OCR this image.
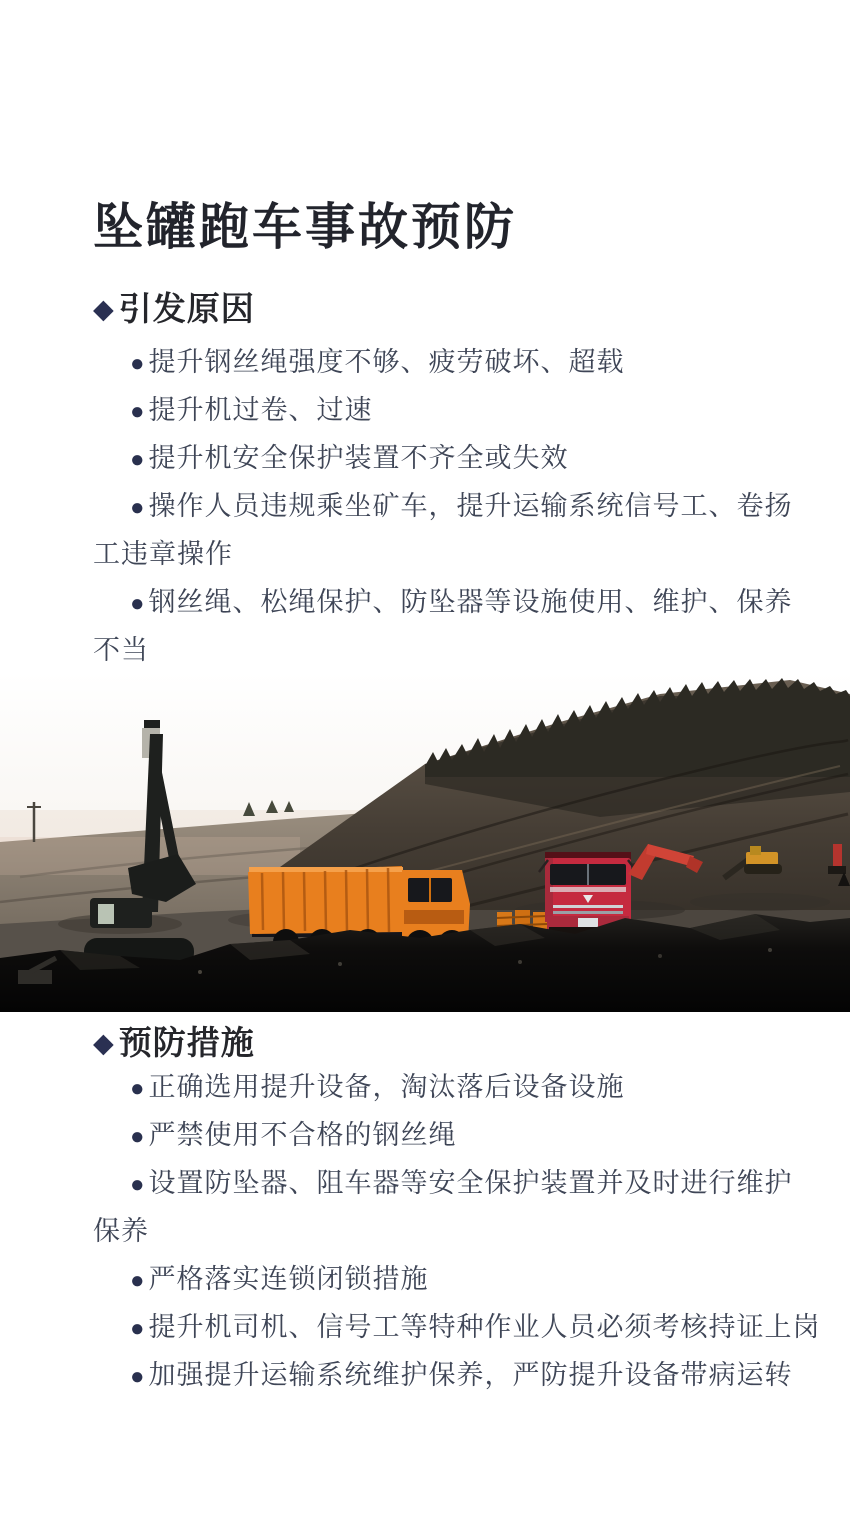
坠罐跑车事故预防
◆ 引发原因
● 提升钢丝绳强度不够、疲劳破坏、超载
● 提升机过卷、过速
● 提升机安全保护装置不齐全或失效
● 操作人员违规乘坐矿车，提升运输系统信号工、卷扬
工违章操作
● 钢丝绳、松绳保护、防坠器等设施使用、维护、保养
不当
◆ 预防措施
● 正确选用提升设备，淘汰落后设备设施
● 严禁使用不合格的钢丝绳
● 设置防坠器、阻车器等安全保护装置并及时进行维护
保养
● 严格落实连锁闭锁措施
● 提升机司机、信号工等特种作业人员必须考核持证上岗
● 加强提升运输系统维护保养，严防提升设备带病运转
